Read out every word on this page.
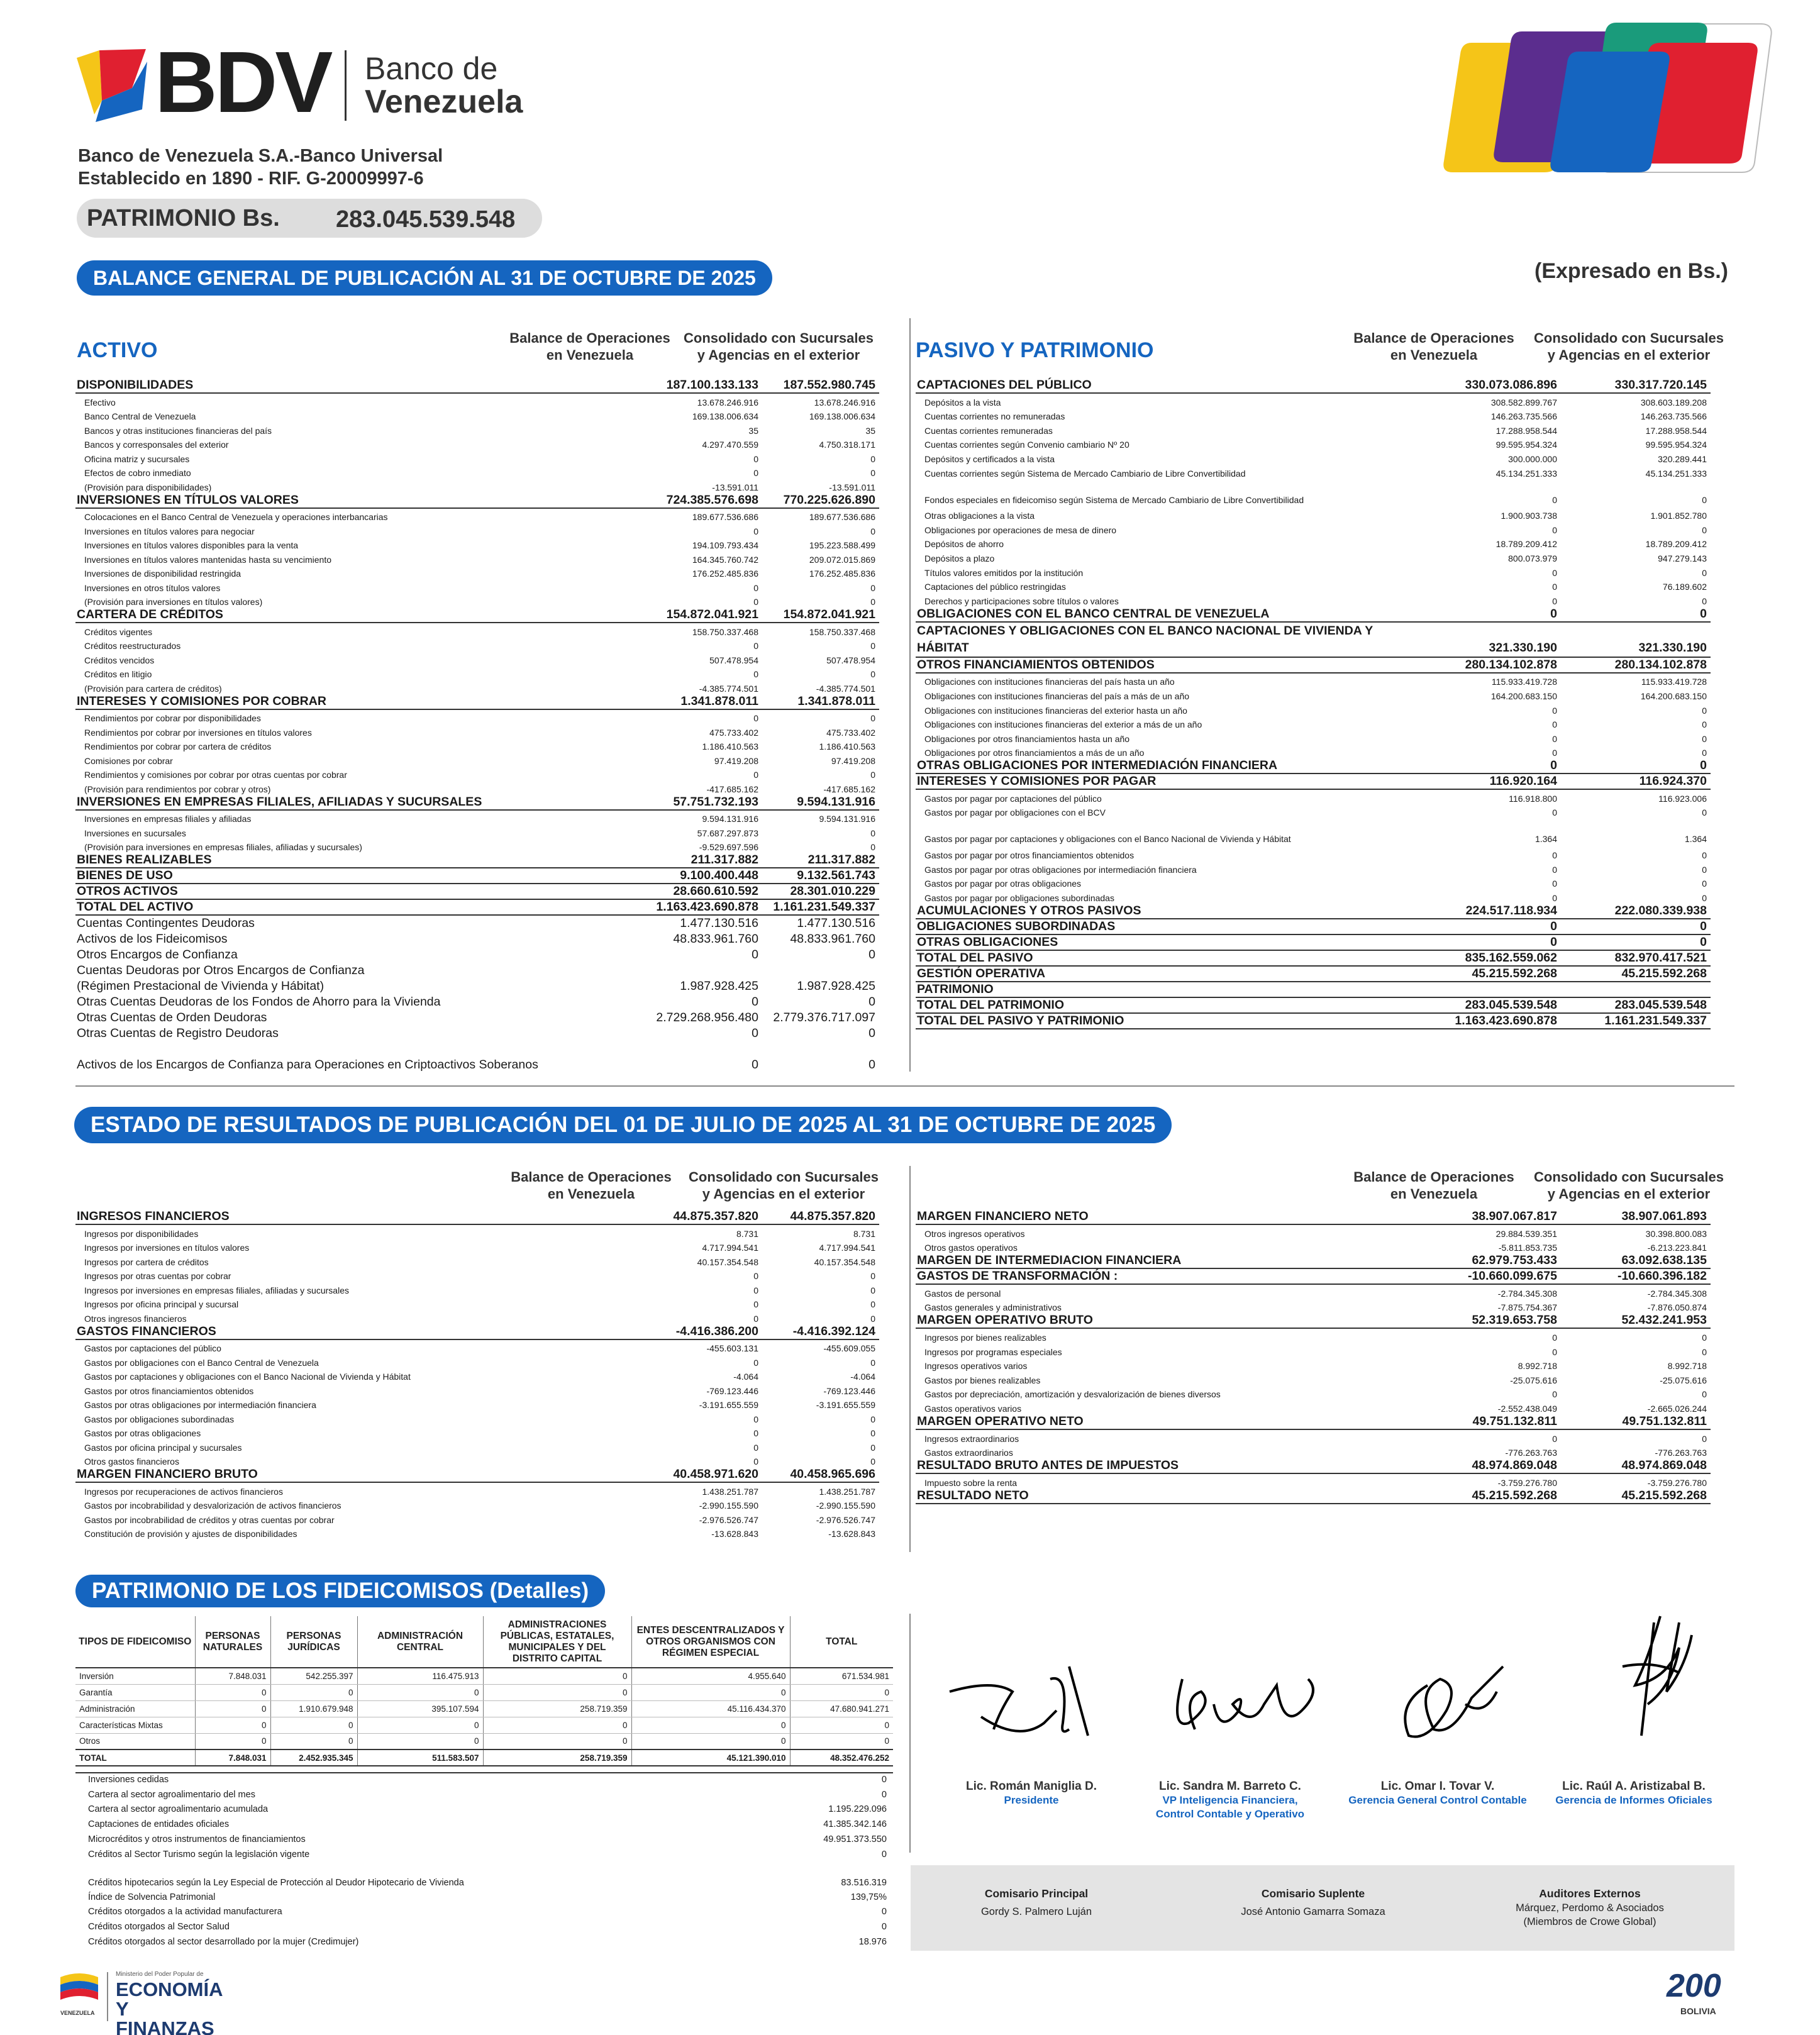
BDV Banco de
Venezuela
Banco de Venezuela S.A.-Banco Universal
Establecido en 1890 - RIF. G-20009997-6
PATRIMONIO Bs. 283.045.539.548
BALANCE GENERAL DE PUBLICACIÓN AL 31 DE OCTUBRE DE 2025	(Expresado en Bs.)
ACTIVO
Balance de Operaciones
en Venezuela
Consolidado con Sucursales
y Agencias en el exterior	PASIVO Y PATRIMONIO
Balance de Operaciones
en Venezuela
Consolidado con Sucursales
y Agencias en el exterior
DISPONIBILIDADES	187.100.133.133	187.552.980.745
Efectivo	13.678.246.916	13.678.246.916
Banco Central de Venezuela	169.138.006.634	169.138.006.634
Bancos y otras instituciones financieras del país	35	35
Bancos y corresponsales del exterior	4.297.470.559	4.750.318.171
Oficina matriz y sucursales	0	0
Efectos de cobro inmediato	0	0
(Provisión para disponibilidades)	-13.591.011	-13.591.011
INVERSIONES EN TÍTULOS VALORES	724.385.576.698	770.225.626.890
Colocaciones en el Banco Central de Venezuela y operaciones interbancarias	189.677.536.686	189.677.536.686
Inversiones en títulos valores para negociar	0	0
Inversiones en títulos valores disponibles para la venta	194.109.793.434	195.223.588.499
Inversiones en títulos valores mantenidas hasta su vencimiento	164.345.760.742	209.072.015.869
Inversiones de disponibilidad restringida	176.252.485.836	176.252.485.836
Inversiones en otros títulos valores	0	0
(Provisión para inversiones en títulos valores)	0	0
CARTERA DE CRÉDITOS	154.872.041.921	154.872.041.921
Créditos vigentes	158.750.337.468	158.750.337.468
Créditos reestructurados	0	0
Créditos vencidos	507.478.954	507.478.954
Créditos en litigio	0	0
(Provisión para cartera de créditos)	-4.385.774.501	-4.385.774.501
INTERESES Y COMISIONES POR COBRAR	1.341.878.011	1.341.878.011
Rendimientos por cobrar por disponibilidades	0	0
Rendimientos por cobrar por inversiones en títulos valores	475.733.402	475.733.402
Rendimientos por cobrar por cartera de créditos	1.186.410.563	1.186.410.563
Comisiones por cobrar	97.419.208	97.419.208
Rendimientos y comisiones por cobrar por otras cuentas por cobrar	0	0
(Provisión para rendimientos por cobrar y otros)	-417.685.162	-417.685.162
INVERSIONES EN EMPRESAS FILIALES, AFILIADAS Y SUCURSALES	57.751.732.193	9.594.131.916
Inversiones en empresas filiales y afiliadas	9.594.131.916	9.594.131.916
Inversiones en sucursales	57.687.297.873	0
(Provisión para inversiones en empresas filiales, afiliadas y sucursales)	-9.529.697.596	0
BIENES REALIZABLES	211.317.882	211.317.882
BIENES DE USO	9.100.400.448	9.132.561.743
OTROS ACTIVOS	28.660.610.592	28.301.010.229
TOTAL DEL ACTIVO	1.163.423.690.878	1.161.231.549.337
Cuentas Contingentes Deudoras	1.477.130.516	1.477.130.516
Activos de los Fideicomisos	48.833.961.760	48.833.961.760
Otros Encargos de Confianza	0	0
Cuentas Deudoras por Otros Encargos de Confianza		
(Régimen Prestacional de Vivienda y Hábitat)	1.987.928.425	1.987.928.425
Otras Cuentas Deudoras de los Fondos de Ahorro para la Vivienda	0	0
Otras Cuentas de Orden Deudoras	2.729.268.956.480	2.779.376.717.097
Otras Cuentas de Registro Deudoras	0	0
Activos de los Encargos de Confianza para Operaciones en Criptoactivos Soberanos	0	0
CAPTACIONES DEL PÚBLICO	330.073.086.896	330.317.720.145
Depósitos a la vista	308.582.899.767	308.603.189.208
Cuentas corrientes no remuneradas	146.263.735.566	146.263.735.566
Cuentas corrientes remuneradas	17.288.958.544	17.288.958.544
Cuentas corrientes según Convenio cambiario Nº 20	99.595.954.324	99.595.954.324
Depósitos y certificados a la vista	300.000.000	320.289.441
Cuentas corrientes según Sistema de Mercado Cambiario de Libre Convertibilidad	45.134.251.333	45.134.251.333
Fondos especiales en fideicomiso según Sistema de Mercado Cambiario de Libre Convertibilidad	0	0
Otras obligaciones a la vista	1.900.903.738	1.901.852.780
Obligaciones por operaciones de mesa de dinero	0	0
Depósitos de ahorro	18.789.209.412	18.789.209.412
Depósitos a plazo	800.073.979	947.279.143
Títulos valores emitidos por la institución	0	0
Captaciones del público restringidas	0	76.189.602
Derechos y participaciones sobre títulos o valores	0	0
OBLIGACIONES CON EL BANCO CENTRAL DE VENEZUELA	0	0
CAPTACIONES Y OBLIGACIONES CON EL BANCO NACIONAL DE VIVIENDA Y HÁBITAT	321.330.190	321.330.190
OTROS FINANCIAMIENTOS OBTENIDOS	280.134.102.878	280.134.102.878
Obligaciones con instituciones financieras del país hasta un año	115.933.419.728	115.933.419.728
Obligaciones con instituciones financieras del país a más de un año	164.200.683.150	164.200.683.150
Obligaciones con instituciones financieras del exterior hasta un año	0	0
Obligaciones con instituciones financieras del exterior a más de un año	0	0
Obligaciones por otros financiamientos hasta un año	0	0
Obligaciones por otros financiamientos a más de un año	0	0
OTRAS OBLIGACIONES POR INTERMEDIACIÓN FINANCIERA	0	0
INTERESES Y COMISIONES POR PAGAR	116.920.164	116.924.370
Gastos por pagar por captaciones del público	116.918.800	116.923.006
Gastos por pagar por obligaciones con el BCV	0	0
Gastos por pagar por captaciones y obligaciones con el Banco Nacional de Vivienda y Hábitat	1.364	1.364
Gastos por pagar por otros financiamientos obtenidos	0	0
Gastos por pagar por otras obligaciones por intermediación financiera	0	0
Gastos por pagar por otras obligaciones	0	0
Gastos por pagar por obligaciones subordinadas	0	0
ACUMULACIONES Y OTROS PASIVOS	224.517.118.934	222.080.339.938
OBLIGACIONES SUBORDINADAS	0	0
OTRAS OBLIGACIONES	0	0
TOTAL DEL PASIVO	835.162.559.062	832.970.417.521
GESTIÓN OPERATIVA	45.215.592.268	45.215.592.268
PATRIMONIO		
TOTAL DEL PATRIMONIO	283.045.539.548	283.045.539.548
TOTAL DEL PASIVO Y PATRIMONIO	1.163.423.690.878	1.161.231.549.337
ESTADO DE RESULTADOS DE PUBLICACIÓN DEL 01 DE JULIO DE 2025 AL 31 DE OCTUBRE DE 2025
Balance de Operaciones
en Venezuela
Consolidado con Sucursales
y Agencias en el exterior
Balance de Operaciones
en Venezuela
Consolidado con Sucursales
y Agencias en el exterior
INGRESOS FINANCIEROS	44.875.357.820	44.875.357.820
Ingresos por disponibilidades	8.731	8.731
Ingresos por inversiones en títulos valores	4.717.994.541	4.717.994.541
Ingresos por cartera de créditos	40.157.354.548	40.157.354.548
Ingresos por otras cuentas por cobrar	0	0
Ingresos por inversiones en empresas filiales, afiliadas y sucursales	0	0
Ingresos por oficina principal y sucursal	0	0
Otros ingresos financieros	0	0
GASTOS FINANCIEROS	-4.416.386.200	-4.416.392.124
Gastos por captaciones del público	-455.603.131	-455.609.055
Gastos por obligaciones con el Banco Central de Venezuela	0	0
Gastos por captaciones y obligaciones con el Banco Nacional de Vivienda y Hábitat	-4.064	-4.064
Gastos por otros financiamientos obtenidos	-769.123.446	-769.123.446
Gastos por otras obligaciones por intermediación financiera	-3.191.655.559	-3.191.655.559
Gastos por obligaciones subordinadas	0	0
Gastos por otras obligaciones	0	0
Gastos por oficina principal y sucursales	0	0
Otros gastos financieros	0	0
MARGEN FINANCIERO BRUTO	40.458.971.620	40.458.965.696
Ingresos por recuperaciones de activos financieros	1.438.251.787	1.438.251.787
Gastos por incobrabilidad y desvalorización de activos financieros	-2.990.155.590	-2.990.155.590
Gastos por incobrabilidad de créditos y otras cuentas por cobrar	-2.976.526.747	-2.976.526.747
Constitución de provisión y ajustes de disponibilidades	-13.628.843	-13.628.843
MARGEN FINANCIERO NETO	38.907.067.817	38.907.061.893
Otros ingresos operativos	29.884.539.351	30.398.800.083
Otros gastos operativos	-5.811.853.735	-6.213.223.841
MARGEN DE INTERMEDIACION FINANCIERA	62.979.753.433	63.092.638.135
GASTOS DE TRANSFORMACIÓN :	-10.660.099.675	-10.660.396.182
Gastos de personal	-2.784.345.308	-2.784.345.308
Gastos generales y administrativos	-7.875.754.367	-7.876.050.874
MARGEN OPERATIVO BRUTO	52.319.653.758	52.432.241.953
Ingresos por bienes realizables	0	0
Ingresos por programas especiales	0	0
Ingresos operativos varios	8.992.718	8.992.718
Gastos por bienes realizables	-25.075.616	-25.075.616
Gastos por depreciación, amortización y desvalorización de bienes diversos	0	0
Gastos operativos varios	-2.552.438.049	-2.665.026.244
MARGEN OPERATIVO NETO	49.751.132.811	49.751.132.811
Ingresos extraordinarios	0	0
Gastos extraordinarios	-776.263.763	-776.263.763
RESULTADO BRUTO ANTES DE IMPUESTOS	48.974.869.048	48.974.869.048
Impuesto sobre la renta	-3.759.276.780	-3.759.276.780
RESULTADO NETO	45.215.592.268	45.215.592.268
PATRIMONIO DE LOS FIDEICOMISOS (Detalles)
TIPOS DE FIDEICOMISO	PERSONAS NATURALES	PERSONAS JURÍDICAS	ADMINISTRACIÓN CENTRAL	ADMINISTRACIONES PÚBLICAS, ESTATALES, MUNICIPALES Y DEL DISTRITO CAPITAL	ENTES DESCENTRALIZADOS Y OTROS ORGANISMOS CON RÉGIMEN ESPECIAL	TOTAL
Inversión	7.848.031	542.255.397	116.475.913	0	4.955.640	671.534.981
Garantía	0	0	0	0	0	0
Administración	0	1.910.679.948	395.107.594	258.719.359	45.116.434.370	47.680.941.271
Características Mixtas	0	0	0	0	0	0
Otros	0	0	0	0	0	0
TOTAL	7.848.031	2.452.935.345	511.583.507	258.719.359	45.121.390.010	48.352.476.252
Inversiones cedidas	0
Cartera al sector agroalimentario del mes	0
Cartera al sector agroalimentario acumulada	1.195.229.096
Captaciones de entidades oficiales	41.385.342.146
Microcréditos y otros instrumentos de financiamientos	49.951.373.550
Créditos al Sector Turismo según la legislación vigente	0
Créditos hipotecarios según la Ley Especial de Protección al Deudor Hipotecario de Vivienda	83.516.319
Índice de Solvencia Patrimonial	139,75%
Créditos otorgados a la actividad manufacturera	0
Créditos otorgados al Sector Salud	0
Créditos otorgados al sector desarrollado por la mujer (Credimujer)	18.976
Lic. Román Maniglia D.
Presidente
Lic. Sandra M. Barreto C.
VP Inteligencia Financiera,
Control Contable y Operativo
Lic. Omar I. Tovar V.
Gerencia General Control Contable
Lic. Raúl A. Aristizabal B.
Gerencia de Informes Oficiales
Comisario Principal
Gordy S. Palmero Luján
Comisario Suplente
José Antonio Gamarra Somaza
Auditores Externos
Márquez, Perdomo & Asociados
(Miembros de Crowe Global)
VENEZUELA
Ministerio del Poder Popular de
ECONOMÍA Y
FINANZAS
200
BOLIVIA
